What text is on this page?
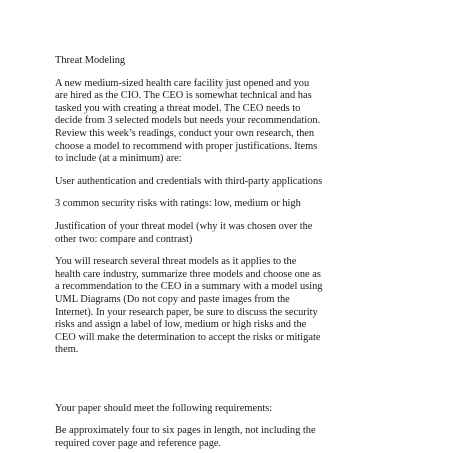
Threat Modeling

A new medium-sized health care facility just opened and you
are hired as the CIO. The CEO is somewhat technical and has
tasked you with creating a threat model. The CEO needs to
decide from 3 selected models but needs your recommendation.
Review this week’s readings, conduct your own research, then
choose a model to recommend with proper justifications. Items
to include (at a minimum) are:

User authentication and credentials with third-party applications

3 common security risks with ratings: low, medium or high

Justification of your threat model (why it was chosen over the
other two: compare and contrast)

You will research several threat models as it applies to the
health care industry, summarize three models and choose one as
a recommendation to the CEO in a summary with a model using
UML Diagrams (Do not copy and paste images from the
Internet). In your research paper, be sure to discuss the security
risks and assign a label of low, medium or high risks and the
CEO will make the determination to accept the risks or mitigate
them.

Your paper should meet the following requirements:

Be approximately four to six pages in length, not including the
required cover page and reference page.
